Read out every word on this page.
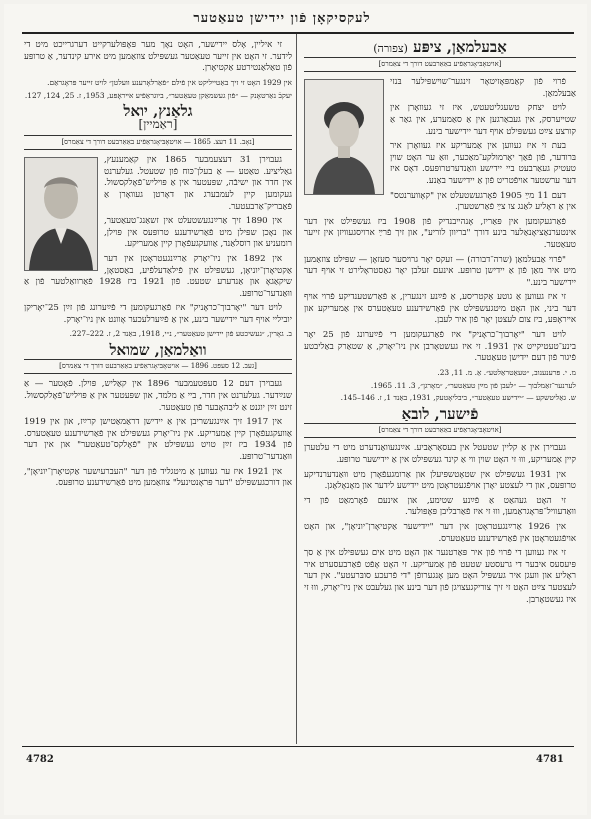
לעקסיקאָן פֿון יידישן טעאַטער
אַבעלמאַן, ציפּע (צפורה)
[אויטאָבּיאָגראַפֿיע באַאַרבעט דורך די צאַמרס]

פֿרוי פֿון קאַמפּאָזיטאָר זינגער־שױשפּילער בּנזי אַבעלמאַן.

לויט יצחק טשעגליטעטש, איז זי געוואָרן אין שטײערסק, אין געבאַרגען אין אַ סאַמערע, אין גאַר אַ קורצע צײַט געשפּילט אױף דער יידישער בינע.

בעת זי איז געווען אין אַמעריקע איז געוואָרן איר בּרודער, פֿון פֿאַך יאַרמולקע־מאַכער, ווּאַ ער האָט שױן טעטיק געאַרבעט ביי יידישע וואַנדערטרופּעס. דאָס איז דער ערשטער אויפֿטריט פֿון אַ יידישער באַנע.

דעם 11 מײַ 1905 פֿאָרגעשטעלט אין "קאָווערנטס" אין אַ ראָליע לאַנג צו צײַ פֿאַרשטערן.

פֿאַרגעקומען אין פּאַריז, אָנהײבנדיק פֿון 1908 ביז געשפּילט אין דער אינטערנאַציאָנאַלער בינע דורך "בריוון לוריע", און זיך פֿרײַ ארויסגעוויזן אין זייער טעאַטער.

"פֿרוי אַבעלמאַן (שרה־דבורה) — זעקס יאָר גרױסער סעזאָן — שפּילט צוזאַמען מיט איר מאַן פֿון אַ יידישן טרופּע. אינעם זעלבן יאָר גאַסטראָלירט זי אױף דער יידישער בינע."

זי איז געווען אַ גוטע אַקטריסע, אַ פֿײַנע זינגערין, אַ פֿאַרשטענדיקע פֿרוי אױף דער ביני, און האָט מיטגעשפּילט אין פֿאַרשידענע טעאַטערס אין אַמעריקע און אײראָפּע, ביז צום לעצטן יאָר פֿון איר לעבן.

לויט דער "יאָרבוך־כראָניק" איז פֿאַרגעקומען די פֿײַערונג פֿון 25 יאָר בינע־טעטיקייט אין 1931. זי איז געשטאָרבן אין ניו־יאָרק, אַ שטאַרק באַליבטע פֿיגור פֿון דעם יידישן טעאַטער.

מ. י. פּרענענוב, ״טעאַטראַלטע״. אַ. מ. 11, 23.

לערנער־זאַמלבוך — ״לעבן פֿון מײַן טעאַטער״, ״מאָרגן״, 3. 11. 1965.

ש. גאַליטשקע — ״יידישע טעאַטער״, ביבליאָטעק, 1931, באַנד 1, ז. 146–145.

פֿישער, לובאַ
[אויטאָבּיאָגראַפֿיע באַאַרבעט דורך די צאַמרס]

געבוירן אין אַ קליין שטעטל אין בעסאַראַביע. אײַנגעוואַנדערט מיט די עלטערן קיין אַמעריקע, וווּ זי האָט שױן ווי אַ קינד געשפּילט אין אַ יידישער טרופּע.

אין 1931 געשפּילט אין שטאָטשפּיעלן און אַרומגעפֿאָרן מיט ווּאַנדערנדיקע טרופּעס, און די לעצטע יאָרן אויפֿגעטראָטן מיט יידישע לידער און מאָנאָלאָגן.

זי האָט געהאַט אַ פֿײַנע שטימע, און אינעם פֿאָרמאַט פֿון די ווּאַדעוויל־פּראָגראַמען, וווּ זי איז פֿאַרבליבן פּאָפּולער.

אין 1926 אַרײַנגעטראָטן אין דער "יידישער אַקטיאָרן־יוניאָן", און האָט אויפֿגעטראָטן אין פֿאַרשידענע טעאַטערס.

זי איז געווען די פֿרוי פֿון איר פּאַרטנער און האָט מיט אים געשפּילט אין אַ סך פּיעסעס איבער די גרעסטע שטעט פֿון אַמעריקע. זי האָט אָפֿט פֿאַרבעסערט איר ראָליע און וועגן איר געשפּיל האָט מען אָנגערופֿן "די פֿרעכע סובּרעטע". אין דער לעצטער צײַט האָט זי זיך צוריקגעצויגן פֿון דער בינע און געלעבט אין ניו־יאָרק, וווּ זי איז געשטאָרבן.

זי איליין, אָלס יידישער, האָט נאָך מער פּאָפּולערקייט דערגרייכט מיט די לידער. זי האָט אין זייער טעאַטער געשפּילט צוזאַמען מיט אירע קינדער, אַ טרופּע פֿון טאַלאַנטירטע אַקטיאָרן.

אין 1929 האָט זי זיך באַטייליקט אין פֿילם ״פֿאַרלאָרענע וועלטן״ לויט זייער פּראָגראַם.

יעקבֿ נאַרטאָנק — ״פֿון געשמאַקן טעאַטער״, ביוגראַפֿיע אײראָפּע, 1953, ז. 25, 124, 127.

גלאַנץ, יואל
[ראַמיין]
[נאָב. 11 דעצ. 1865 — אויטאָבּיאָגראַפֿיע באַאַרבעט דורך די צאַמרס]

געבוירן 31 דעצעמבער 1865 אין קאַמענעץ, גאַליציע. טאַטע — אַ בעלן־כּוח פֿון שטעטל. געלערנט אין חדר און ישיבֿה, שפּעטער אין אַ פּויליש־פֿאָלקסשול. געקומען קיין לעמבערג און דאָרטן געוואָרן אַ פֿאַבריק־אַרבעטער.

אין 1890 זיך אַרײַנגעשטעלט אין זשאַנג־טעאַטער, און נאָכן שפּילן מיט פֿאַרשידענע טרופּעס אין פּוילן, רומעניע און רוסלאַנד, אַוועקגעפֿאָרן קיין אַמעריקע.

אין 1892 אין ניו־יאָרק אַרײַנגעטראָטן אין דער אַקטיאָרן־יוניאָן, געשפּילט אין פֿילאַדעלפֿיע, באַסטאָן, שיקאַגאָ און אַנדערע שטעט. פֿון 1921 ביז 1928 פֿאַרוואַלטער פֿון אַ ווּאַנדער־טרופּע.

לויט דער "יאָרבוך־כראָניק" איז פֿאַרגעקומען די פֿײַערונג פֿון זײַן 25־יאָריקן יוביליי אויף דער יידישער בינע, אין אַ פֿײַערלעכער אָוונט אין ניו־יאָרק.

ב. גאָרין, ״געשיכטע פֿון יידישן טעאַטער״, נ״י, 1918, באַנד 2, ז. 222–227.

וואַלמאַן, שמואל
[געב. 12 סעפּט. 1896 — אויטאָבּיאָגראַפֿיע באַאַרבעט דורך די צאַמרס]

געבוירן דעם 12 סעפּטעמבער 1896 אין קאַליש, פּוילן. פֿאָטער — אַ שנײַדער. געלערנט אין חדר, ביי אַ מלמד, און שפּעטער אין אַ פּויליש־פֿאָלקסשול. זינט זײַן יוגנט אַ ליבהאָבער פֿון טעאַטער.

אין 1917 זיך אײַנגעשריבן אין אַ יידישן דראַמאַטישן קרײַז, און אין 1919 אַוועקגעפֿאָרן קיין אַמעריקע. אין ניו־יאָרק געשפּילט אין פֿאַרשידענע טעאַטערס. פֿון 1934 ביז זײַן טויט געשפּילט אין "פֿאָלקס־טעאַטער" און אין דער ווּאַנדער־טרופּע.

אין 1921 איז ער געווען אַ מיטגליד פֿון דער "העברעיִשער אַקטיאָרן־יוניאָן", און דורכגעשפּילט "דער פּראָנטינעל" צוזאַמען מיט פֿאַרשידענע טרופּעס.

4782	4781
